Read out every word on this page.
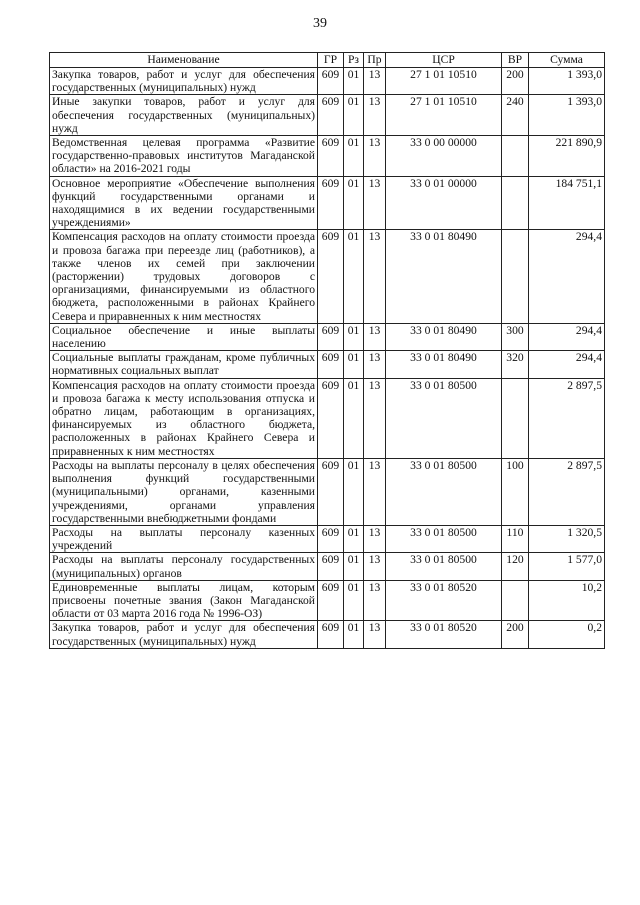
39
Наименование	ГР	Рз	Пр	ЦСР	ВР	Сумма
Закупка товаров, работ и услуг для обеспечения государственных (муниципальных) нужд	609	01	13	27 1 01 10510	200	1 393,0
Иные закупки товаров, работ и услуг для обеспечения государственных (муниципальных) нужд	609	01	13	27 1 01 10510	240	1 393,0
Ведомственная целевая программа «Развитие государственно-правовых институтов Магаданской области» на 2016-2021 годы	609	01	13	33 0 00 00000		221 890,9
Основное мероприятие «Обеспечение выполнения функций государственными органами и находящимися в их ведении государственными учреждениями»	609	01	13	33 0 01 00000		184 751,1
Компенсация расходов на оплату стоимости проезда и провоза багажа при переезде лиц (работников), а также членов их семей при заключении (расторжении) трудовых договоров с организациями, финансируемыми из областного бюджета, расположенными в районах Крайнего Севера и приравненных к ним местностях	609	01	13	33 0 01 80490		294,4
Социальное обеспечение и иные выплаты населению	609	01	13	33 0 01 80490	300	294,4
Социальные выплаты гражданам, кроме публичных нормативных социальных выплат	609	01	13	33 0 01 80490	320	294,4
Компенсация расходов на оплату стоимости проезда и провоза багажа к месту использования отпуска и обратно лицам, работающим в организациях, финансируемых из областного бюджета, расположенных в районах Крайнего Севера и приравненных к ним местностях	609	01	13	33 0 01 80500		2 897,5
Расходы на выплаты персоналу в целях обеспечения выполнения функций государственными (муниципальными) органами, казенными учреждениями, органами управления государственными внебюджетными фондами	609	01	13	33 0 01 80500	100	2 897,5
Расходы на выплаты персоналу казенных учреждений	609	01	13	33 0 01 80500	110	1 320,5
Расходы на выплаты персоналу государственных (муниципальных) органов	609	01	13	33 0 01 80500	120	1 577,0
Единовременные выплаты лицам, которым присвоены почетные звания (Закон Магаданской области от 03 марта 2016 года № 1996-ОЗ)	609	01	13	33 0 01 80520		10,2
Закупка товаров, работ и услуг для обеспечения государственных (муниципальных) нужд	609	01	13	33 0 01 80520	200	0,2
